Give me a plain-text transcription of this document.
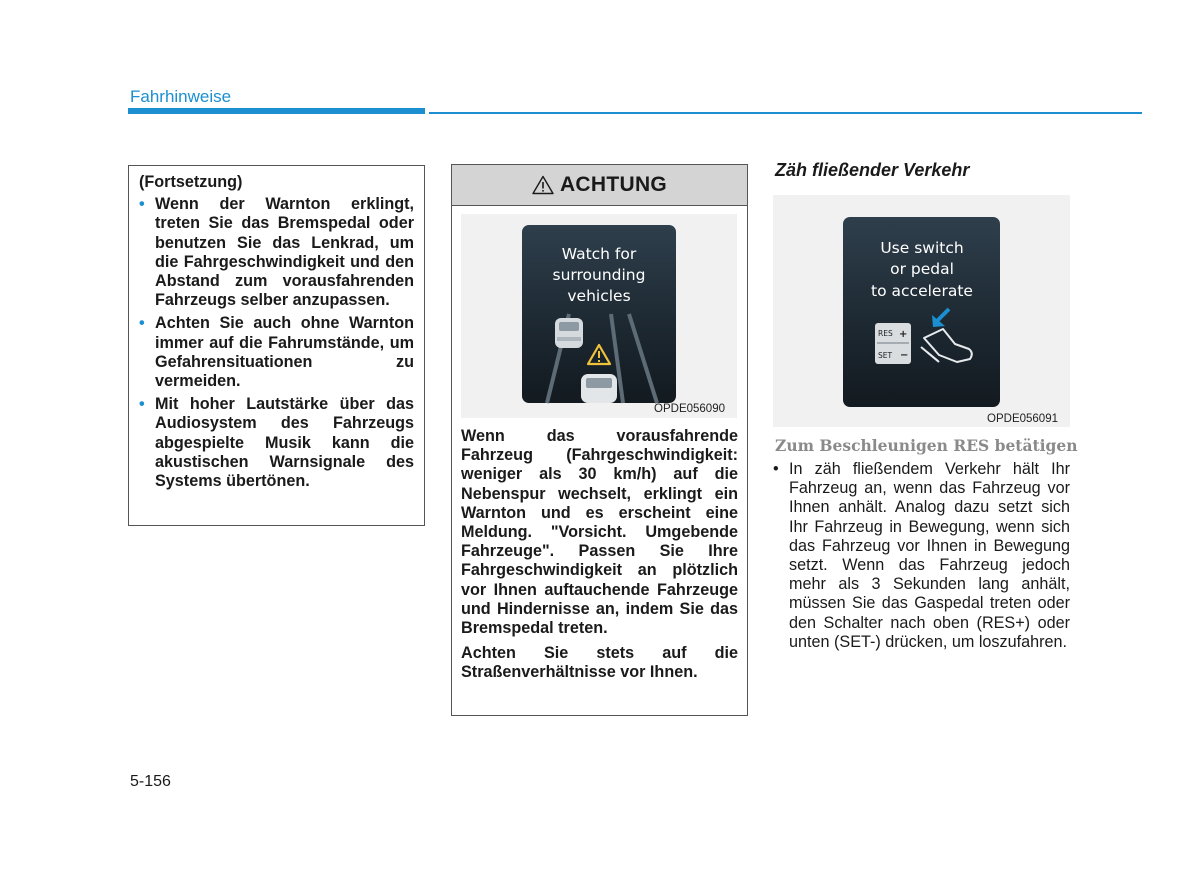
Fahrhinweise
(Fortsetzung)
• Wenn der Warnton erklingt, treten Sie das Bremspedal oder benutzen Sie das Lenkrad, um die Fahrgeschwindigkeit und den Abstand zum vorausfahrenden Fahrzeugs selber anzupassen.
• Achten Sie auch ohne Warnton immer auf die Fahrumstände, um Gefahrensituationen zu vermeiden.
• Mit hoher Lautstärke über das Audiosystem des Fahrzeugs abgespielte Musik kann die akustischen Warnsignale des Systems übertönen.
ACHTUNG
Watch for
surrounding
vehicles
OPDE056090

Wenn das vorausfahrende Fahrzeug (Fahrgeschwindigkeit: weniger als 30 km/h) auf die Nebenspur wechselt, erklingt ein Warnton und es erscheint eine Meldung. "Vorsicht. Umgebende Fahrzeuge". Passen Sie Ihre Fahrgeschwindigkeit an plötzlich vor Ihnen auftauchende Fahrzeuge und Hindernisse an, indem Sie das Bremspedal treten.

Achten Sie stets auf die Straßenverhältnisse vor Ihnen.

Zäh fließender Verkehr
Use switch
or pedal
to accelerate
RES +
SET −
OPDE056091
Zum Beschleunigen RES betätigen
• In zäh fließendem Verkehr hält Ihr Fahrzeug an, wenn das Fahrzeug vor Ihnen anhält. Analog dazu setzt sich Ihr Fahrzeug in Bewegung, wenn sich das Fahrzeug vor Ihnen in Bewegung setzt. Wenn das Fahrzeug jedoch mehr als 3 Sekunden lang anhält, müssen Sie das Gaspedal treten oder den Schalter nach oben (RES+) oder unten (SET-) drücken, um loszufahren.
5-156
